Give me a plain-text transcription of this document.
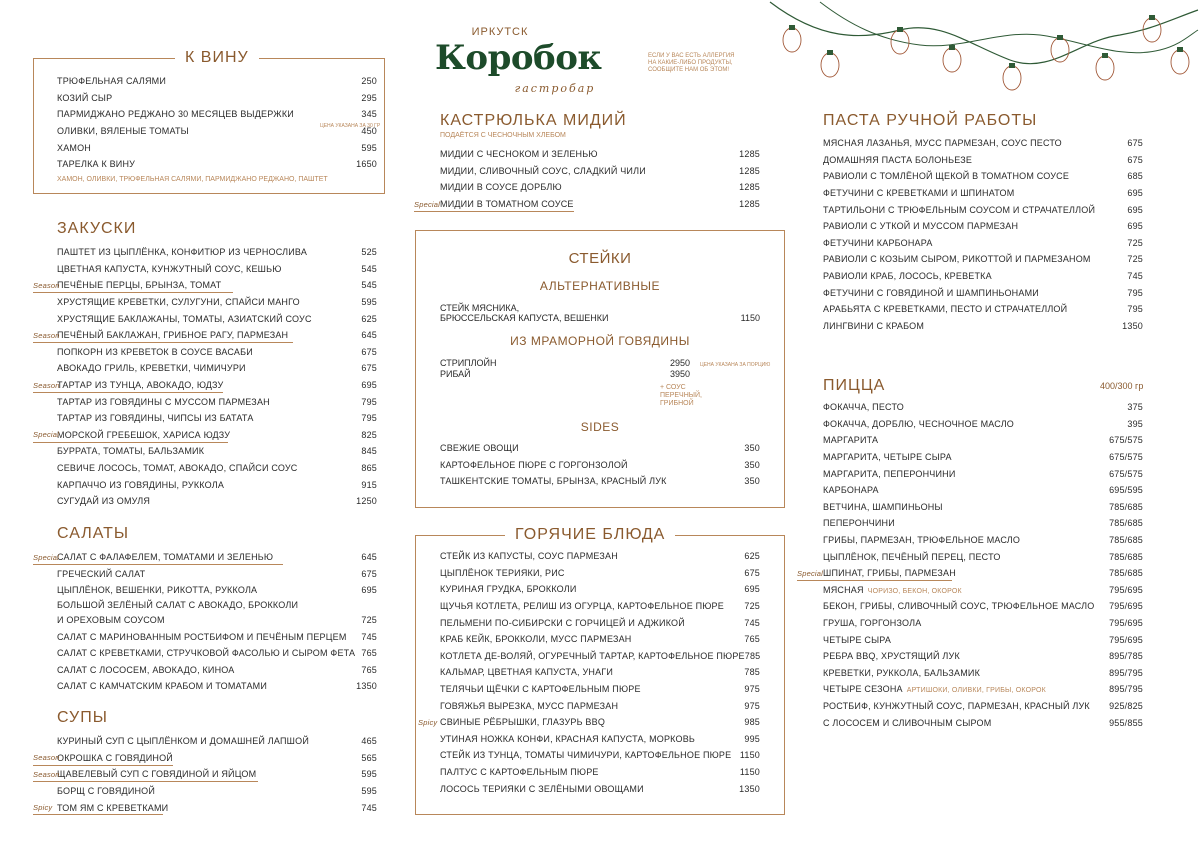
ИРКУТСК
Коробок
гастробар
ЕСЛИ У ВАС ЕСТЬ АЛЛЕРГИЯ НА КАКИЕ-ЛИБО ПРОДУКТЫ, СООБЩИТЕ НАМ ОБ ЭТОМ!
К ВИНУ
ТРЮФЕЛЬНАЯ САЛЯМИ	250
КОЗИЙ СЫР	295
ПАРМИДЖАНО РЕДЖАНО 30 МЕСЯЦЕВ ВЫДЕРЖКИ	345
ОЛИВКИ, ВЯЛЕНЫЕ ТОМАТЫ	450
ХАМОН	595
ТАРЕЛКА К ВИНУ	1650
ЦЕНА УКАЗАНА ЗА 30 ГР
ХАМОН, ОЛИВКИ, ТРЮФЕЛЬНАЯ САЛЯМИ, ПАРМИДЖАНО РЕДЖАНО, ПАШТЕТ
ЗАКУСКИ
ПАШТЕТ ИЗ ЦЫПЛЁНКА, КОНФИТЮР ИЗ ЧЕРНОСЛИВА	525
ЦВЕТНАЯ КАПУСТА, КУНЖУТНЫЙ СОУС, КЕШЬЮ	545
Season
ПЕЧЁНЫЕ ПЕРЦЫ, БРЫНЗА, ТОМАТ	545
ХРУСТЯЩИЕ КРЕВЕТКИ, СУЛУГУНИ, СПАЙСИ МАНГО	595
ХРУСТЯЩИЕ БАКЛАЖАНЫ, ТОМАТЫ, АЗИАТСКИЙ СОУС	625
Season
ПЕЧЁНЫЙ БАКЛАЖАН, ГРИБНОЕ РАГУ, ПАРМЕЗАН	645
ПОПКОРН ИЗ КРЕВЕТОК В СОУСЕ ВАСАБИ	675
АВОКАДО ГРИЛЬ, КРЕВЕТКИ, ЧИМИЧУРИ	675
Season
ТАРТАР ИЗ ТУНЦА, АВОКАДО, ЮДЗУ	695
ТАРТАР ИЗ ГОВЯДИНЫ С МУССОМ ПАРМЕЗАН	795
ТАРТАР ИЗ ГОВЯДИНЫ, ЧИПСЫ ИЗ БАТАТА	795
Special
МОРСКОЙ ГРЕБЕШОК, ХАРИСА ЮДЗУ	825
БУРРАТА, ТОМАТЫ, БАЛЬЗАМИК	845
СЕВИЧЕ ЛОСОСЬ, ТОМАТ, АВОКАДО, СПАЙСИ СОУС	865
КАРПАЧЧО ИЗ ГОВЯДИНЫ, РУККОЛА	915
СУГУДАЙ ИЗ ОМУЛЯ	1250
САЛАТЫ
Special
САЛАТ С ФАЛАФЕЛЕМ, ТОМАТАМИ И ЗЕЛЕНЬЮ	645
ГРЕЧЕСКИЙ САЛАТ	675
ЦЫПЛЁНОК, ВЕШЕНКИ, РИКОТТА, РУККОЛА	695
БОЛЬШОЙ ЗЕЛЁНЫЙ САЛАТ С АВОКАДО, БРОККОЛИ
И ОРЕХОВЫМ СОУСОМ	725
САЛАТ С МАРИНОВАННЫМ РОСТБИФОМ И ПЕЧЁНЫМ ПЕРЦЕМ 745
САЛАТ С КРЕВЕТКАМИ, СТРУЧКОВОЙ ФАСОЛЬЮ И СЫРОМ ФЕТА 765
САЛАТ С ЛОСОСЕМ, АВОКАДО, КИНОА	765
САЛАТ С КАМЧАТСКИМ КРАБОМ И ТОМАТАМИ	1350
СУПЫ
КУРИНЫЙ СУП С ЦЫПЛЁНКОМ И ДОМАШНЕЙ ЛАПШОЙ	465
Season
ОКРОШКА С ГОВЯДИНОЙ	565
Season
ЩАВЕЛЕВЫЙ СУП С ГОВЯДИНОЙ И ЯЙЦОМ	595
БОРЩ С ГОВЯДИНОЙ	595
Spicy ТОМ ЯМ С КРЕВЕТКАМИ	745
КАСТРЮЛЬКА МИДИЙ
ПОДАЁТСЯ С ЧЕСНОЧНЫМ ХЛЕБОМ
МИДИИ С ЧЕСНОКОМ И ЗЕЛЕНЬЮ	1285
МИДИИ, СЛИВОЧНЫЙ СОУС, СЛАДКИЙ ЧИЛИ	1285
МИДИИ В СОУСЕ ДОРБЛЮ	1285
Special МИДИИ В ТОМАТНОМ СОУСЕ	1285
СТЕЙКИ
АЛЬТЕРНАТИВНЫЕ
СТЕЙК МЯСНИКА,
БРЮССЕЛЬСКАЯ КАПУСТА, ВЕШЕНКИ	1150
ИЗ МРАМОРНОЙ ГОВЯДИНЫ
СТРИПЛОЙН	2950
РИБАЙ	3950
ЦЕНА УКАЗАНА ЗА ПОРЦИЮ
+ СОУС ПЕРЕЧНЫЙ, ГРИБНОЙ
SIDES
СВЕЖИЕ ОВОЩИ	350
КАРТОФЕЛЬНОЕ ПЮРЕ С ГОРГОНЗОЛОЙ	350
ТАШКЕНТСКИЕ ТОМАТЫ, БРЫНЗА, КРАСНЫЙ ЛУК	350
ГОРЯЧИЕ БЛЮДА
СТЕЙК ИЗ КАПУСТЫ, СОУС ПАРМЕЗАН	625
ЦЫПЛЁНОК ТЕРИЯКИ, РИС	675
КУРИНАЯ ГРУДКА, БРОККОЛИ	695
ЩУЧЬЯ КОТЛЕТА, РЕЛИШ ИЗ ОГУРЦА, КАРТОФЕЛЬНОЕ ПЮРЕ 725
ПЕЛЬМЕНИ ПО-СИБИРСКИ С ГОРЧИЦЕЙ И АДЖИКОЙ	745
КРАБ КЕЙК, БРОККОЛИ, МУСС ПАРМЕЗАН	765
КОТЛЕТА ДЕ-ВОЛЯЙ, ОГУРЕЧНЫЙ ТАРТАР, КАРТОФЕЛЬНОЕ ПЮРЕ 785
КАЛЬМАР, ЦВЕТНАЯ КАПУСТА, УНАГИ	785
ТЕЛЯЧЬИ ЩЁЧКИ С КАРТОФЕЛЬНЫМ ПЮРЕ	975
ГОВЯЖЬЯ ВЫРЕЗКА, МУСС ПАРМЕЗАН	975
Spicy СВИНЫЕ РЁБРЫШКИ, ГЛАЗУРЬ BBQ	985
УТИНАЯ НОЖКА КОНФИ, КРАСНАЯ КАПУСТА, МОРКОВЬ	995
СТЕЙК ИЗ ТУНЦА, ТОМАТЫ ЧИМИЧУРИ, КАРТОФЕЛЬНОЕ ПЮРЕ 1150
ПАЛТУС С КАРТОФЕЛЬНЫМ ПЮРЕ	1150
ЛОСОСЬ ТЕРИЯКИ С ЗЕЛЁНЫМИ ОВОЩАМИ	1350
ПАСТА РУЧНОЙ РАБОТЫ
МЯСНАЯ ЛАЗАНЬЯ, МУСС ПАРМЕЗАН, СОУС ПЕСТО	675
ДОМАШНЯЯ ПАСТА БОЛОНЬЕЗЕ	675
РАВИОЛИ С ТОМЛЁНОЙ ЩЕКОЙ В ТОМАТНОМ СОУСЕ	685
ФЕТУЧИНИ С КРЕВЕТКАМИ И ШПИНАТОМ	695
ТАРТИЛЬОНИ С ТРЮФЕЛЬНЫМ СОУСОМ И СТРАЧАТЕЛЛОЙ	695
РАВИОЛИ С УТКОЙ И МУССОМ ПАРМЕЗАН	695
ФЕТУЧИНИ КАРБОНАРА	725
РАВИОЛИ С КОЗЬИМ СЫРОМ, РИКОТТОЙ И ПАРМЕЗАНОМ	725
РАВИОЛИ КРАБ, ЛОСОСЬ, КРЕВЕТКА	745
ФЕТУЧИНИ С ГОВЯДИНОЙ И ШАМПИНЬОНАМИ	795
АРАБЬЯТА С КРЕВЕТКАМИ, ПЕСТО И СТРАЧАТЕЛЛОЙ	795
ЛИНГВИНИ С КРАБОМ	1350
ПИЦЦА	400/300 гр
ФОКАЧЧА, ПЕСТО	375
ФОКАЧЧА, ДОРБЛЮ, ЧЕСНОЧНОЕ МАСЛО	395
МАРГАРИТА	675/575
МАРГАРИТА, ЧЕТЫРЕ СЫРА	675/575
МАРГАРИТА, ПЕПЕРОНЧИНИ	675/575
КАРБОНАРА	695/595
ВЕТЧИНА, ШАМПИНЬОНЫ	785/685
ПЕПЕРОНЧИНИ	785/685
ГРИБЫ, ПАРМЕЗАН, ТРЮФЕЛЬНОЕ МАСЛО	785/685
ЦЫПЛЁНОК, ПЕЧЁНЫЙ ПЕРЕЦ, ПЕСТО	785/685
Special ШПИНАТ, ГРИБЫ, ПАРМЕЗАН	785/685
МЯСНАЯ ЧОРИЗО, БЕКОН, ОКОРОК	795/695
БЕКОН, ГРИБЫ, СЛИВОЧНЫЙ СОУС, ТРЮФЕЛЬНОЕ МАСЛО 795/695
ГРУША, ГОРГОНЗОЛА	795/695
ЧЕТЫРЕ СЫРА	795/695
РЕБРА BBQ, ХРУСТЯЩИЙ ЛУК	895/785
КРЕВЕТКИ, РУККОЛА, БАЛЬЗАМИК	895/795
ЧЕТЫРЕ СЕЗОНА АРТИШОКИ, ОЛИВКИ, ГРИБЫ, ОКОРОК	895/795
РОСТБИФ, КУНЖУТНЫЙ СОУС, ПАРМЕЗАН, КРАСНЫЙ ЛУК 925/825
С ЛОСОСЕМ И СЛИВОЧНЫМ СЫРОМ	955/855
